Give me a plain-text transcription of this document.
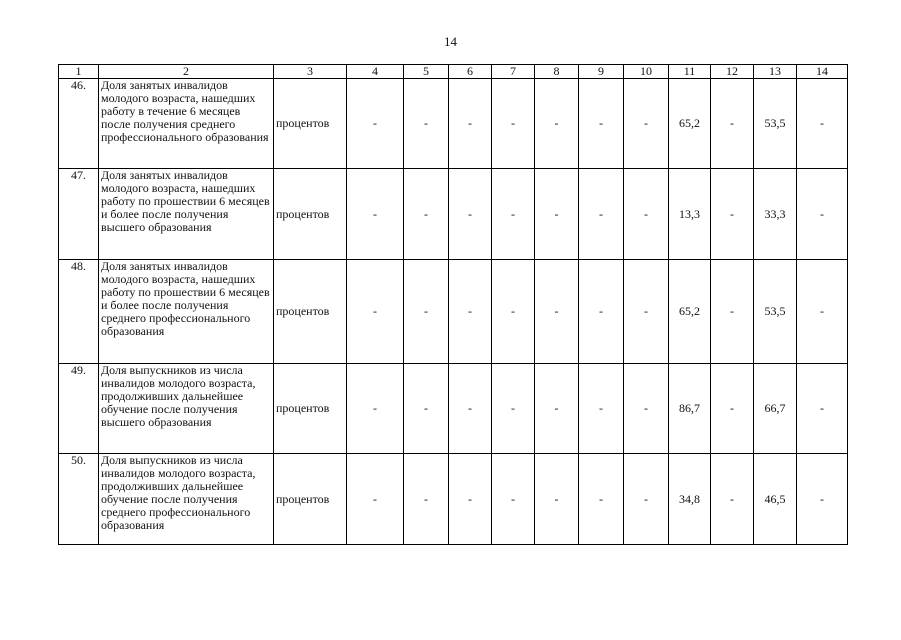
14
1	2	3	4	5	6	7	8	9	10	11	12	13	14
46.	Доля занятых инвалидов молодого возраста, нашедших работу в течение 6 месяцев после получения среднего профессионального образования	процентов	-	-	-	-	-	-	-	65,2	-	53,5	-
47.	Доля занятых инвалидов молодого возраста, нашедших работу по прошествии 6 месяцев и более после получения высшего образования	процентов	-	-	-	-	-	-	-	13,3	-	33,3	-
48.	Доля занятых инвалидов молодого возраста, нашедших работу по прошествии 6 месяцев и более после получения среднего профессионального образования	процентов	-	-	-	-	-	-	-	65,2	-	53,5	-
49.	Доля выпускников из числа инвалидов молодого возраста, продолживших дальнейшее обучение после получения высшего образования	процентов	-	-	-	-	-	-	-	86,7	-	66,7	-
50.	Доля выпускников из числа инвалидов молодого возраста, продолживших дальнейшее обучение после получения среднего профессионального образования	процентов	-	-	-	-	-	-	-	34,8	-	46,5	-
